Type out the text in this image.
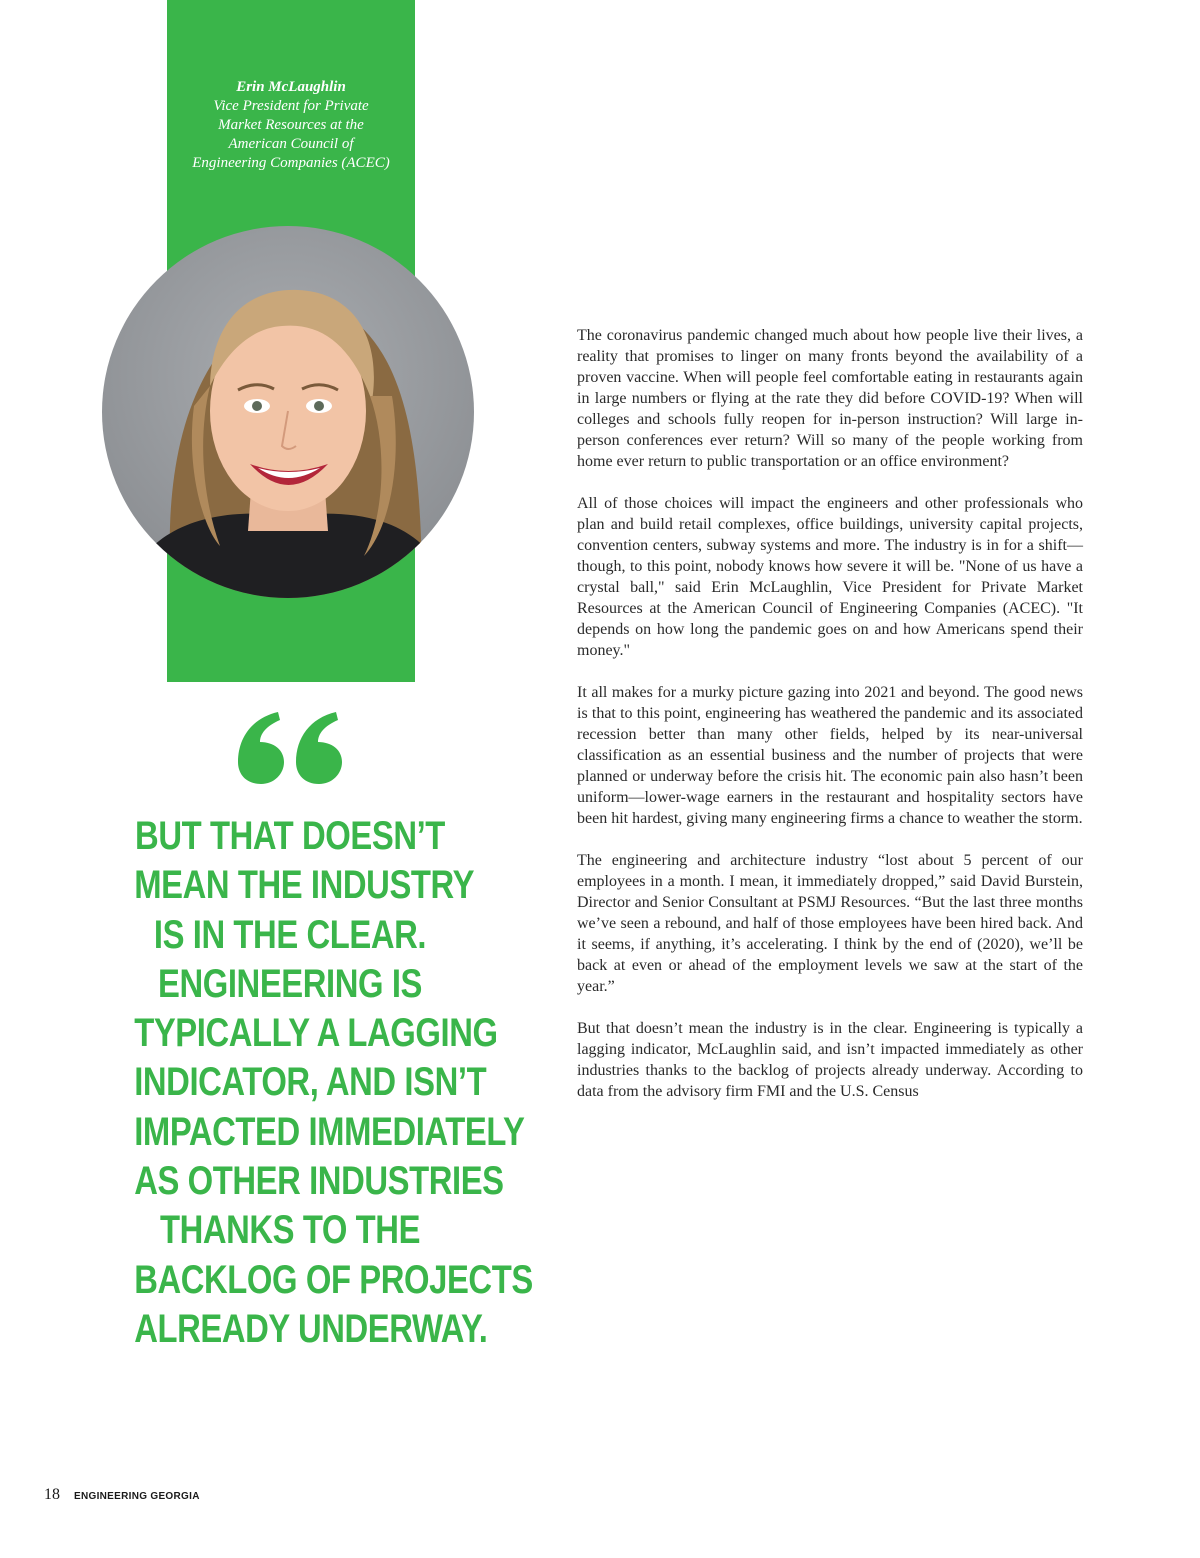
Erin McLaughlin
Vice President for Private
Market Resources at the
American Council of
Engineering Companies (ACEC)
BUT THAT DOESN’T
MEAN THE INDUSTRY
IS IN THE CLEAR.
ENGINEERING IS
TYPICALLY A LAGGING
INDICATOR, AND ISN’T
IMPACTED IMMEDIATELY
AS OTHER INDUSTRIES
THANKS TO THE
BACKLOG OF PROJECTS
ALREADY UNDERWAY.

The coronavirus pandemic changed much about how people live their lives, a reality that promises to linger on many fronts beyond the availability of a proven vaccine. When will people feel comfortable eating in restaurants again in large numbers or flying at the rate they did before COVID-19? When will colleges and schools fully reopen for in-person instruction? Will large in-person conferences ever return? Will so many of the people working from home ever return to public transportation or an office environment?

All of those choices will impact the engineers and other professionals who plan and build retail complexes, office buildings, university capital projects, convention centers, subway systems and more. The industry is in for a shift—though, to this point, nobody knows how severe it will be. "None of us have a crystal ball," said Erin McLaughlin, Vice President for Private Market Resources at the American Council of Engineering Companies (ACEC). "It depends on how long the pandemic goes on and how Americans spend their money."

It all makes for a murky picture gazing into 2021 and beyond. The good news is that to this point, engineering has weathered the pandemic and its associated recession better than many other fields, helped by its near-universal classification as an essential business and the number of projects that were planned or underway before the crisis hit. The economic pain also hasn’t been uniform—lower-wage earners in the restaurant and hospitality sectors have been hit hardest, giving many engineering firms a chance to weather the storm.

The engineering and architecture industry “lost about 5 percent of our employees in a month. I mean, it immediately dropped,” said David Burstein, Director and Senior Consultant at PSMJ Resources. “But the last three months we’ve seen a rebound, and half of those employees have been hired back. And it seems, if anything, it’s accelerating. I think by the end of (2020), we’ll be back at even or ahead of the employment levels we saw at the start of the year.”

But that doesn’t mean the industry is in the clear. Engineering is typically a lagging indicator, McLaughlin said, and isn’t impacted immediately as other industries thanks to the backlog of projects already underway. According to data from the advisory firm FMI and the U.S. Census

18 ENGINEERING GEORGIA
